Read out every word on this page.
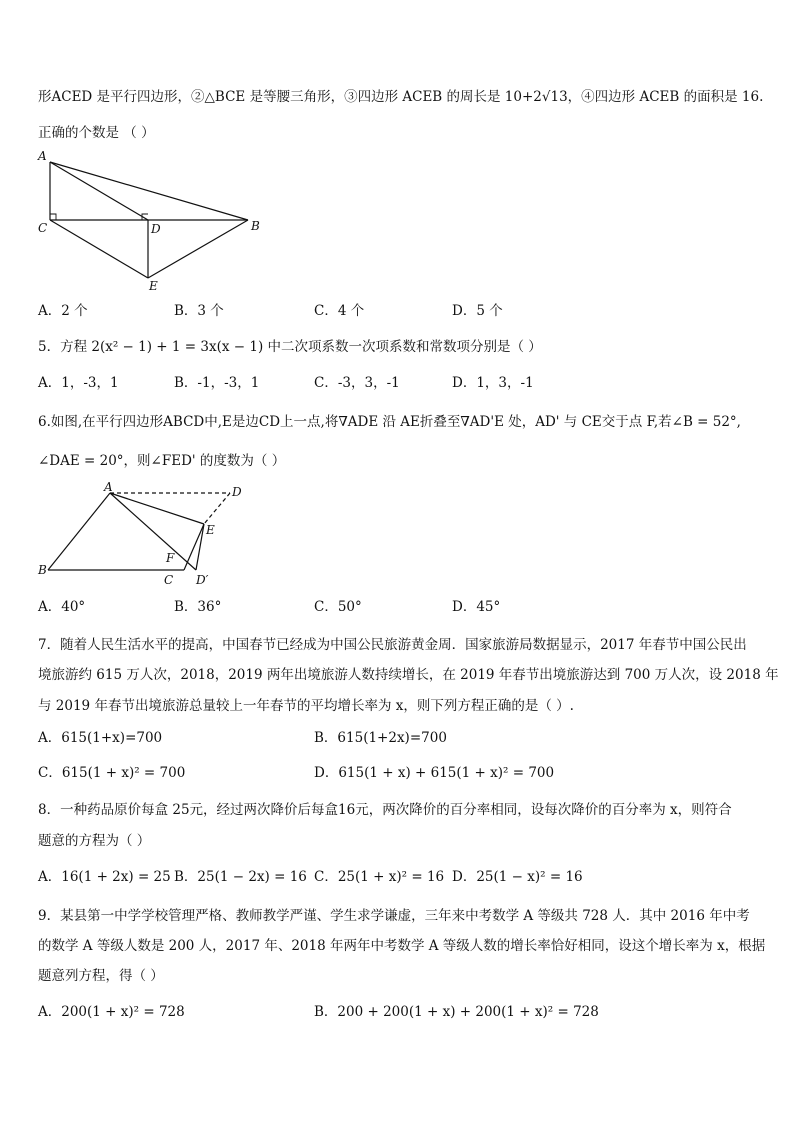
形ACED 是平行四边形，②△BCE 是等腰三角形，③四边形 ACEB 的周长是 10+2√13，④四边形 ACEB 的面积是 16.
正确的个数是 （ ）
A
C	D	B
E
A．2 个	B．3 个	C．4 个	D．5 个
5．方程 2(x² − 1) + 1 = 3x(x − 1) 中二次项系数一次项系数和常数项分别是（ ）
A．1，-3，1	B．-1，-3，1	C．-3，3，-1	D．1，3，-1
6.如图,在平行四边形ABCD中,E是边CD上一点,将∇ADE 沿 AE折叠至∇AD'E 处，AD' 与 CE交于点 F,若∠B = 52°,
∠DAE = 20°，则∠FED' 的度数为（ ）
A	D
E
F
B
C D′
A．40°	B．36°	C．50°	D．45°
7．随着人民生活水平的提高，中国春节已经成为中国公民旅游黄金周．国家旅游局数据显示，2017 年春节中国公民出
境旅游约 615 万人次，2018，2019 两年出境旅游人数持续增长，在 2019 年春节出境旅游达到 700 万人次，设 2018 年
与 2019 年春节出境旅游总量较上一年春节的平均增长率为 x，则下列方程正确的是（ ）.
A．615(1+x)=700	B．615(1+2x)=700
C．615(1 + x)² = 700	D．615(1 + x) + 615(1 + x)² = 700
8．一种药品原价每盒 25元，经过两次降价后每盒16元，两次降价的百分率相同，设每次降价的百分率为 x，则符合
题意的方程为（ ）
A．16(1 + 2x) = 25 B．25(1 − 2x) = 16 C．25(1 + x)² = 16 D．25(1 − x)² = 16
9．某县第一中学学校管理严格、教师教学严谨、学生求学谦虚，三年来中考数学 A 等级共 728 人．其中 2016 年中考
的数学 A 等级人数是 200 人，2017 年、2018 年两年中考数学 A 等级人数的增长率恰好相同，设这个增长率为 x，根据
题意列方程，得（ ）
A．200(1 + x)² = 728	B．200 + 200(1 + x) + 200(1 + x)² = 728
